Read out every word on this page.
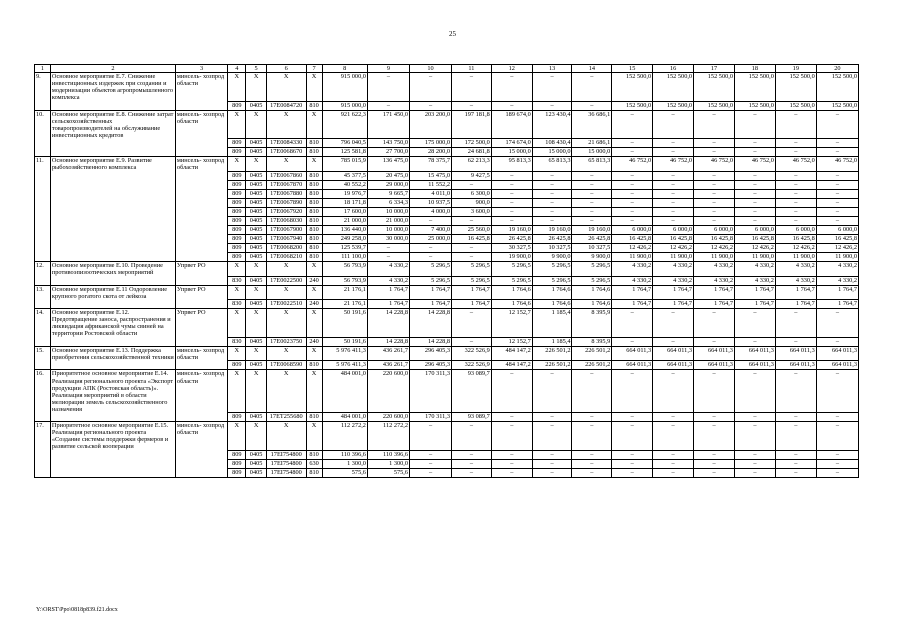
25
1	2	3	4	5	6	7	8	9	10	11	12	13	14	15	16	17	18	19	20
9.	Основное мероприятие Е.7. Снижение инвестиционных издержек при создании и модернизации объектов агропромышленного комплекса	минсель- хозпрод области	X	X	X	X	915 000,0	–	–	–	–	–	–	152 500,0	152 500,0	152 500,0	152 500,0	152 500,0	152 500,0
			809	0405	17Е0084720	810	915 000,0	–	–	–	–	–	–	152 500,0	152 500,0	152 500,0	152 500,0	152 500,0	152 500,0
10.	Основное мероприятие Е.8. Снижение затрат сельскохозяйственных товаропроизводителей на обслуживание инвестиционных кредитов	минсель- хозпрод области	X	X	X	X	921 622,3	171 450,0	203 200,0	197 181,8	189 674,0	123 430,4	36 686,1	–	–	–	–	–	–
			809	0405	17Е0084330	810	796 040,5	143 750,0	175 000,0	172 500,0	174 674,0	108 430,4	21 686,1	–	–	–	–	–	–
			809	0405	17Е0068670	810	125 581,8	27 700,0	28 200,0	24 681,8	15 000,0	15 000,0	15 000,0	–	–	–	–	–	–
11.	Основное мероприятие Е.9. Развитие рыбохозяйственного комплекса	минсель- хозпрод области	X	X	X	X	785 015,9	136 475,0	78 375,7	62 213,3	95 813,3	65 813,3	65 813,3	46 752,0	46 752,0	46 752,0	46 752,0	46 752,0	46 752,0
			809	0405	17Е0067860	810	45 377,5	20 475,0	15 475,0	9 427,5	–	–	–	–	–	–	–	–	–
			809	0405	17Е0067870	810	40 552,2	29 000,0	11 552,2	–	–	–	–	–	–	–	–	–	–
			809	0405	17Е0067880	810	19 976,7	9 665,7	4 011,0	6 300,0	–	–	–	–	–	–	–	–	–
			809	0405	17Е0067890	810	18 171,8	6 334,3	10 937,5	900,0	–	–	–	–	–	–	–	–	–
			809	0405	17Е0067920	810	17 600,0	10 000,0	4 000,0	3 600,0	–	–	–	–	–	–	–	–	–
			809	0405	17Е0068030	810	21 000,0	21 000,0	–	–	–	–	–	–	–	–	–	–	–
			809	0405	17Е0067900	810	136 440,0	10 000,0	7 400,0	25 560,0	19 160,0	19 160,0	19 160,0	6 000,0	6 000,0	6 000,0	6 000,0	6 000,0	6 000,0
			809	0405	17Е0067940	810	249 258,0	30 000,0	25 000,0	16 425,8	26 425,8	26 425,8	26 425,8	16 425,8	16 425,8	16 425,8	16 425,8	16 425,8	16 425,8
			809	0405	17Е0068200	810	125 539,7	–	–	–	30 327,5	10 327,5	10 327,5	12 426,2	12 426,2	12 426,2	12 426,2	12 426,2	12 426,2
			809	0405	17Е0068210	810	111 100,0	–	–	–	19 900,0	9 900,0	9 900,0	11 900,0	11 900,0	11 900,0	11 900,0	11 900,0	11 900,0
12.	Основное мероприятие Е.10. Проведение противоэпизоотических мероприятий	Упрвет РО	X	X	X	X	56 793,9	4 330,2	5 296,5	5 296,5	5 296,5	5 296,5	5 296,5	4 330,2	4 330,2	4 330,2	4 330,2	4 330,2	4 330,2
			830	0405	17Е0022500	240	56 793,9	4 330,2	5 296,5	5 296,5	5 296,5	5 296,5	5 296,5	4 330,2	4 330,2	4 330,2	4 330,2	4 330,2	4 330,2
13.	Основное мероприятие Е.11 Оздоровление крупного рогатого скота от лейкоза	Упрвет РО	X	X	X	X	21 176,1	1 764,7	1 764,7	1 764,7	1 764,6	1 764,6	1 764,6	1 764,7	1 764,7	1 764,7	1 764,7	1 764,7	1 764,7
			830	0405	17Е0022510	240	21 176,1	1 764,7	1 764,7	1 764,7	1 764,6	1 764,6	1 764,6	1 764,7	1 764,7	1 764,7	1 764,7	1 764,7	1 764,7
14.	Основное мероприятие Е.12. Предотвращение заноса, распространения и ликвидация африканской чумы свиней на территории Ростовской области	Упрвет РО	X	X	X	X	50 191,6	14 228,8	14 228,8	–	12 152,7	1 185,4	8 395,9	–	–	–	–	–	–
			830	0405	17Е0023750	240	50 191,6	14 228,8	14 228,8	–	12 152,7	1 185,4	8 395,9	–	–	–	–	–	–
15.	Основное мероприятие Е.13. Поддержка приобретения сельскохозяйственной техники	минсель- хозпрод области	X	X	X	X	5 976 411,3	436 261,7	296 405,3	322 526,9	484 147,2	226 501,2	226 501,2	664 011,3	664 011,3	664 011,3	664 011,3	664 011,3	664 011,3
			809	0405	17Е0068590	810	5 976 411,3	436 261,7	296 405,3	322 526,9	484 147,2	226 501,2	226 501,2	664 011,3	664 011,3	664 011,3	664 011,3	664 011,3	664 011,3
16.	Приоритетное основное мероприятие Е.14. Реализация регионального проекта «Экспорт продукции АПК (Ростовская область)». Реализация мероприятий в области мелиорации земель сельскохозяйственного назначения	минсель- хозпрод области	X	X	X	X	484 001,0	220 600,0	170 311,3	93 089,7	–	–	–	–	–	–	–	–	–
			809	0405	17ЕТ255680	810	484 001,0	220 600,0	170 311,3	93 089,7	–	–	–	–	–	–	–	–	–
17.	Приоритетное основное мероприятие Е.15. Реализация регионального проекта «Создание системы поддержки фермеров и развитие сельской кооперации	минсель- хозпрод области	X	X	X	X	112 272,2	112 272,2	–	–	–	–	–	–	–	–	–	–	–
			809	0405	17ЕI754800	810	110 396,6	110 396,6	–	–	–	–	–	–	–	–	–	–	–
			809	0405	17ЕI754800	630	1 300,0	1 300,0	–	–	–	–	–	–	–	–	–	–	–
			809	0405	17ЕI754800	810	575,6	575,6	–	–	–	–	–	–	–	–	–	–	–
Y:\ORST\Ppo\0818p839.f21.docx
